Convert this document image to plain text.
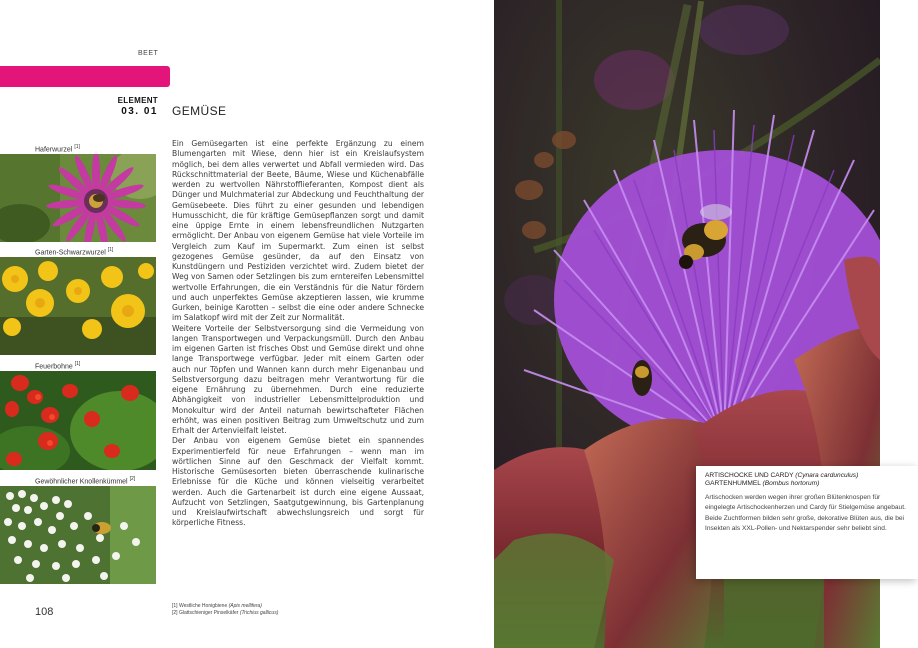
BEET
ELEMENT
03. 01 GEMÜSE
Haferwurzel [1]
Garten-Schwarzwurzel [1]
Feuerbohne [1]
Gewöhnlicher Knollenkümmel [2]

Ein Gemüsegarten ist eine perfekte Ergänzung zu einem Blumengarten mit Wiese, denn hier ist ein Kreislaufsystem möglich, bei dem alles verwertet und Abfall vermieden wird. Das Rückschnittmaterial der Beete, Bäume, Wiese und Küchenabfälle werden zu wertvollen Nährstofflieferanten, Kompost dient als Dünger und Mulchmaterial zur Abdeckung und Feuchthaltung der Gemüsebeete. Dies führt zu einer gesunden und lebendigen Humusschicht, die für kräftige Gemüsepflanzen sorgt und damit eine üppige Ernte in einem lebensfreundlichen Nutzgarten ermöglicht. Der Anbau von eigenem Gemüse hat viele Vorteile im Vergleich zum Kauf im Supermarkt. Zum einen ist selbst gezogenes Gemüse gesünder, da auf den Einsatz von Kunstdüngern und Pestiziden verzichtet wird. Zudem bietet der Weg von Samen oder Setzlingen bis zum erntereifen Lebensmittel wertvolle Erfahrungen, die ein Verständnis für die Natur fördern und auch unperfektes Gemüse akzeptieren lassen, wie krumme Gurken, beinige Karotten – selbst die eine oder andere Schnecke im Salatkopf wird mit der Zeit zur Normalität.

Weitere Vorteile der Selbstversorgung sind die Vermeidung von langen Transportwegen und Verpackungsmüll. Durch den Anbau im eigenen Garten ist frisches Obst und Gemüse direkt und ohne lange Transportwege verfügbar. Jeder mit einem Garten oder auch nur Töpfen und Wannen kann durch mehr Eigenanbau und Selbstversorgung dazu beitragen mehr Verantwortung für die eigene Ernährung zu übernehmen. Durch eine reduzierte Abhängigkeit von industrieller Lebensmittelproduktion und Monokultur wird der Anteil naturnah bewirtschafteter Flächen erhöht, was einen positiven Beitrag zum Umweltschutz und zum Erhalt der Artenvielfalt leistet.

Der Anbau von eigenem Gemüse bietet ein spannendes Experimentierfeld für neue Erfahrungen – wenn man im wörtlichen Sinne auf den Geschmack der Vielfalt kommt. Historische Gemüsesorten bieten überraschende kulinarische Erlebnisse für die Küche und können vielseitig verarbeitet werden. Auch die Gartenarbeit ist durch eine eigene Aussaat, Aufzucht von Setzlingen, Saatgutgewinnung, bis Gartenplanung und Kreislaufwirtschaft abwechslungsreich und sorgt für körperliche Fitness.

108	[1] Westliche Honigbiene (Apis mellifera)
[2] Glattschieniger Pinselkäfer (Trichius gallicus)
ARTISCHOCKE UND CARDY (Cynara cardunculus)
GARTENHUMMEL (Bombus hortorum)
Artischocken werden wegen ihrer großen Blütenknospen für eingelegte Artischockenherzen und Cardy für Stielgemüse angebaut. Beide Zuchtformen bilden sehr große, dekorative Blüten aus, die bei Insekten als XXL-Pollen- und Nektarspender sehr beliebt sind.
